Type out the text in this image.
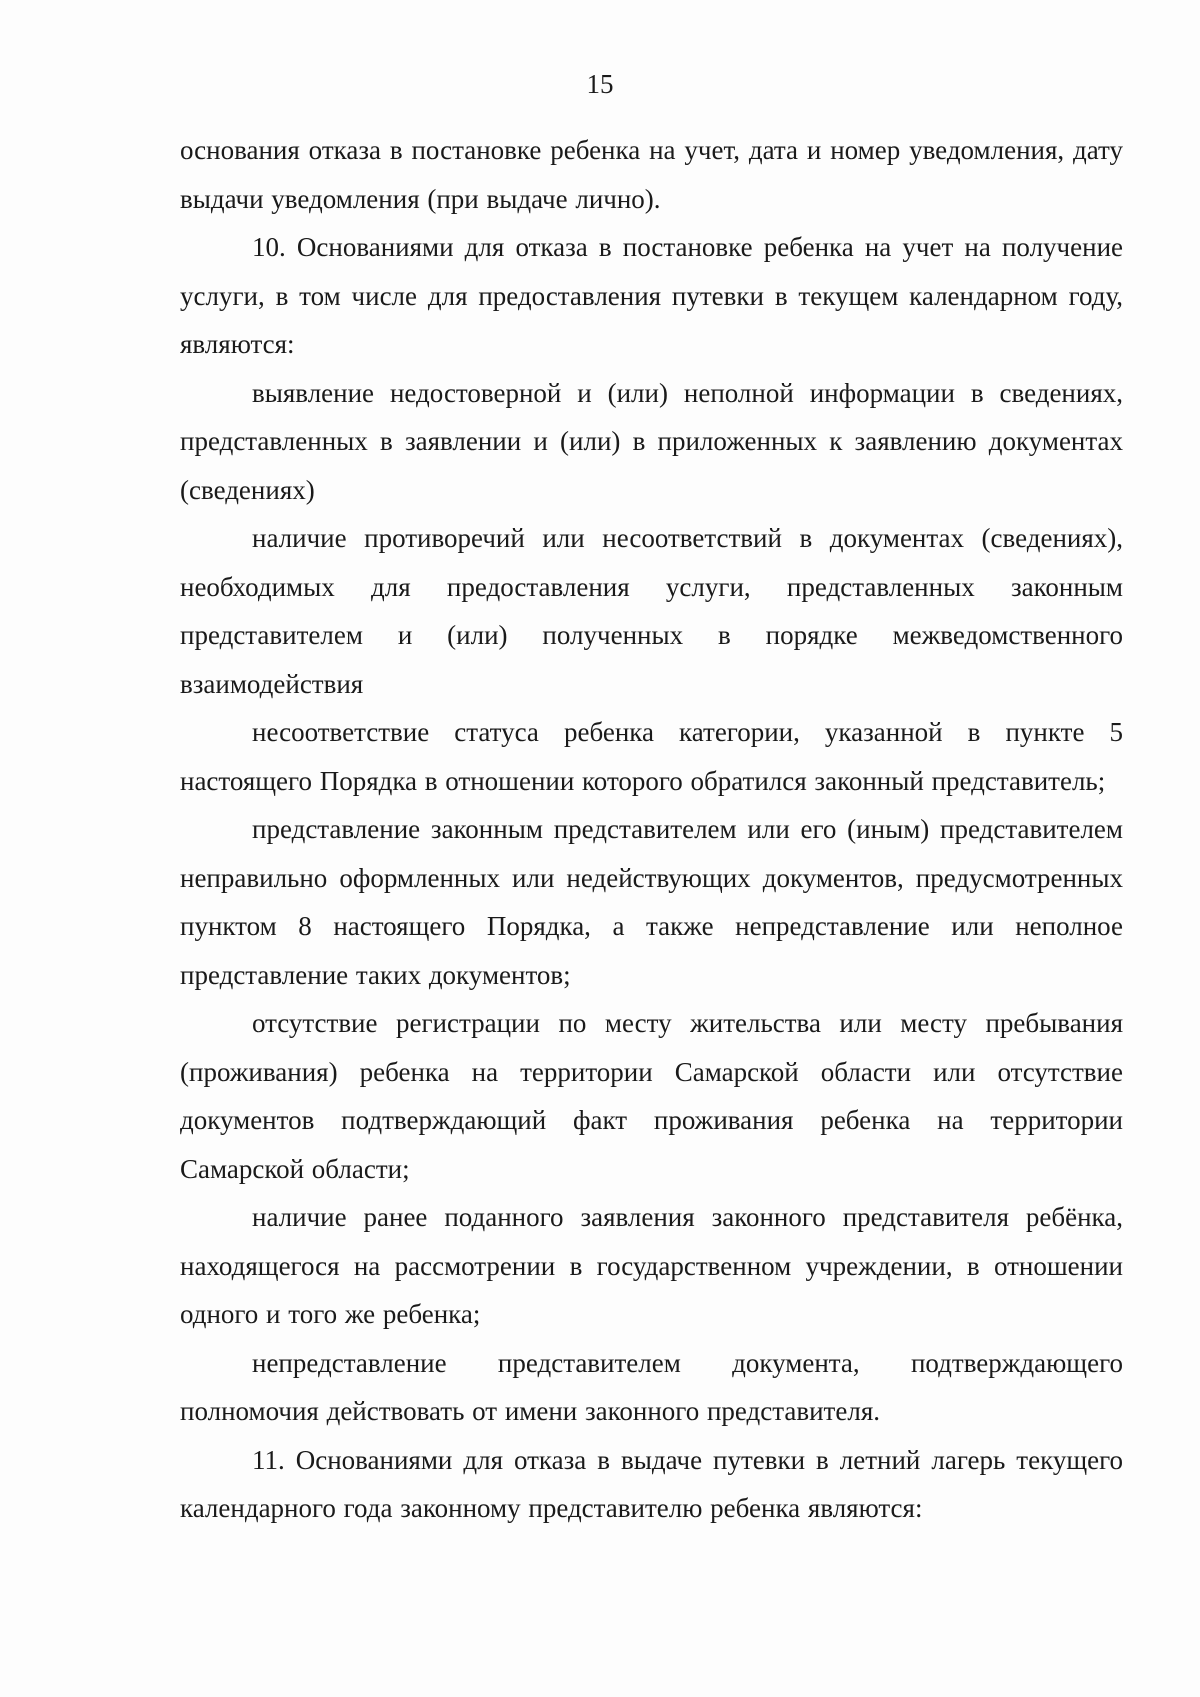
15

основания отказа в постановке ребенка на учет, дата и номер уведомления, дату выдачи уведомления (при выдаче лично).

10. Основаниями для отказа в постановке ребенка на учет на получение услуги, в том числе для предоставления путевки в текущем календарном году, являются:

выявление недостоверной и (или) неполной информации в сведениях, представленных в заявлении и (или) в приложенных к заявлению документах (сведениях)

наличие противоречий или несоответствий в документах (сведениях), необходимых для предоставления услуги, представленных законным представителем и (или) полученных в порядке межведомственного взаимодействия

несоответствие статуса ребенка категории, указанной в пункте 5 настоящего Порядка в отношении которого обратился законный представитель;

представление законным представителем или его (иным) представителем неправильно оформленных или недействующих документов, предусмотренных пунктом 8 настоящего Порядка, а также непредставление или неполное представление таких документов;

отсутствие регистрации по месту жительства или месту пребывания (проживания) ребенка на территории Самарской области или отсутствие документов подтверждающий факт проживания ребенка на территории Самарской области;

наличие ранее поданного заявления законного представителя ребёнка, находящегося на рассмотрении в государственном учреждении, в отношении одного и того же ребенка;

непредставление представителем документа, подтверждающего полномочия действовать от имени законного представителя.

11. Основаниями для отказа в выдаче путевки в летний лагерь текущего календарного года законному представителю ребенка являются:
